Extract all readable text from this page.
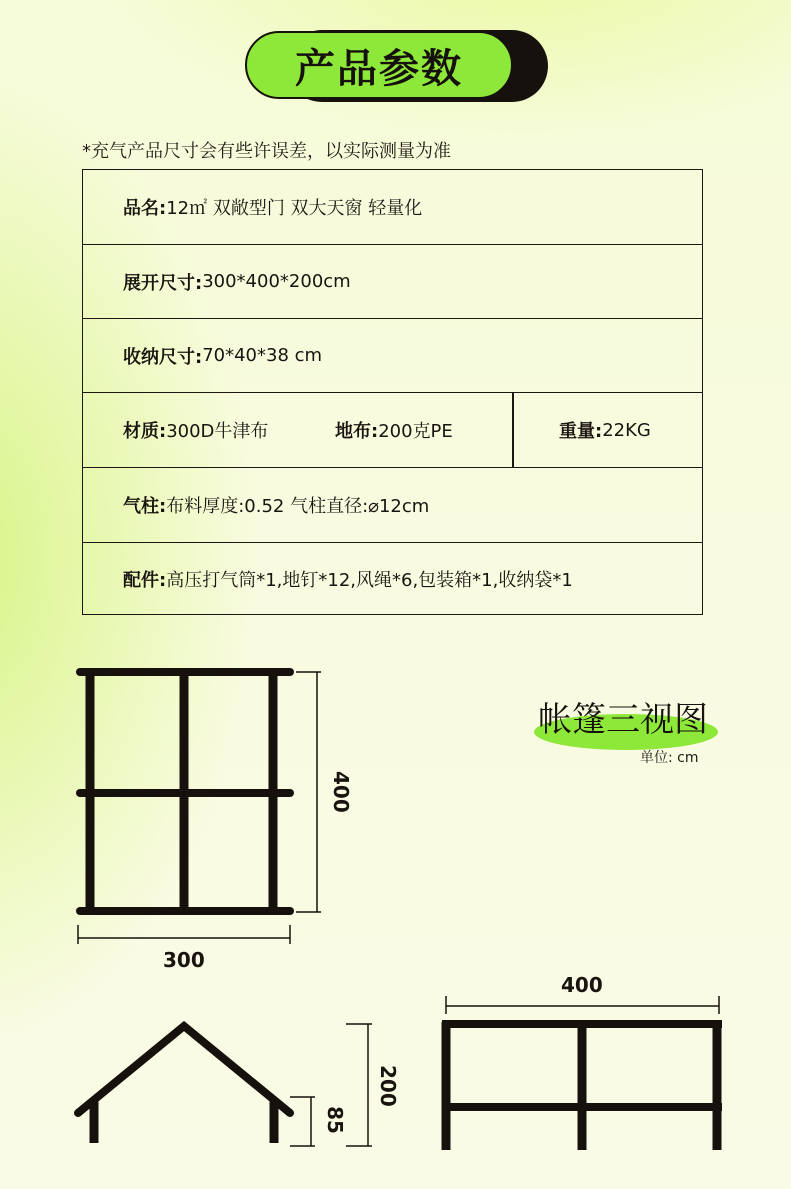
产品参数
*充气产品尺寸会有些许误差，以实际测量为准
品名: 12㎡ 双敞型门 双大天窗 轻量化
展开尺寸: 300*400*200cm
收纳尺寸: 70*40*38 cm
材质: 300D牛津布	地布: 200克PE	重量: 22KG
气柱: 布料厚度:0.52 气柱直径:⌀12cm
配件: 高压打气筒*1,地钉*12,风绳*6,包装箱*1,收纳袋*1
400
300
200
85
400
帐篷三视图
单位: cm
